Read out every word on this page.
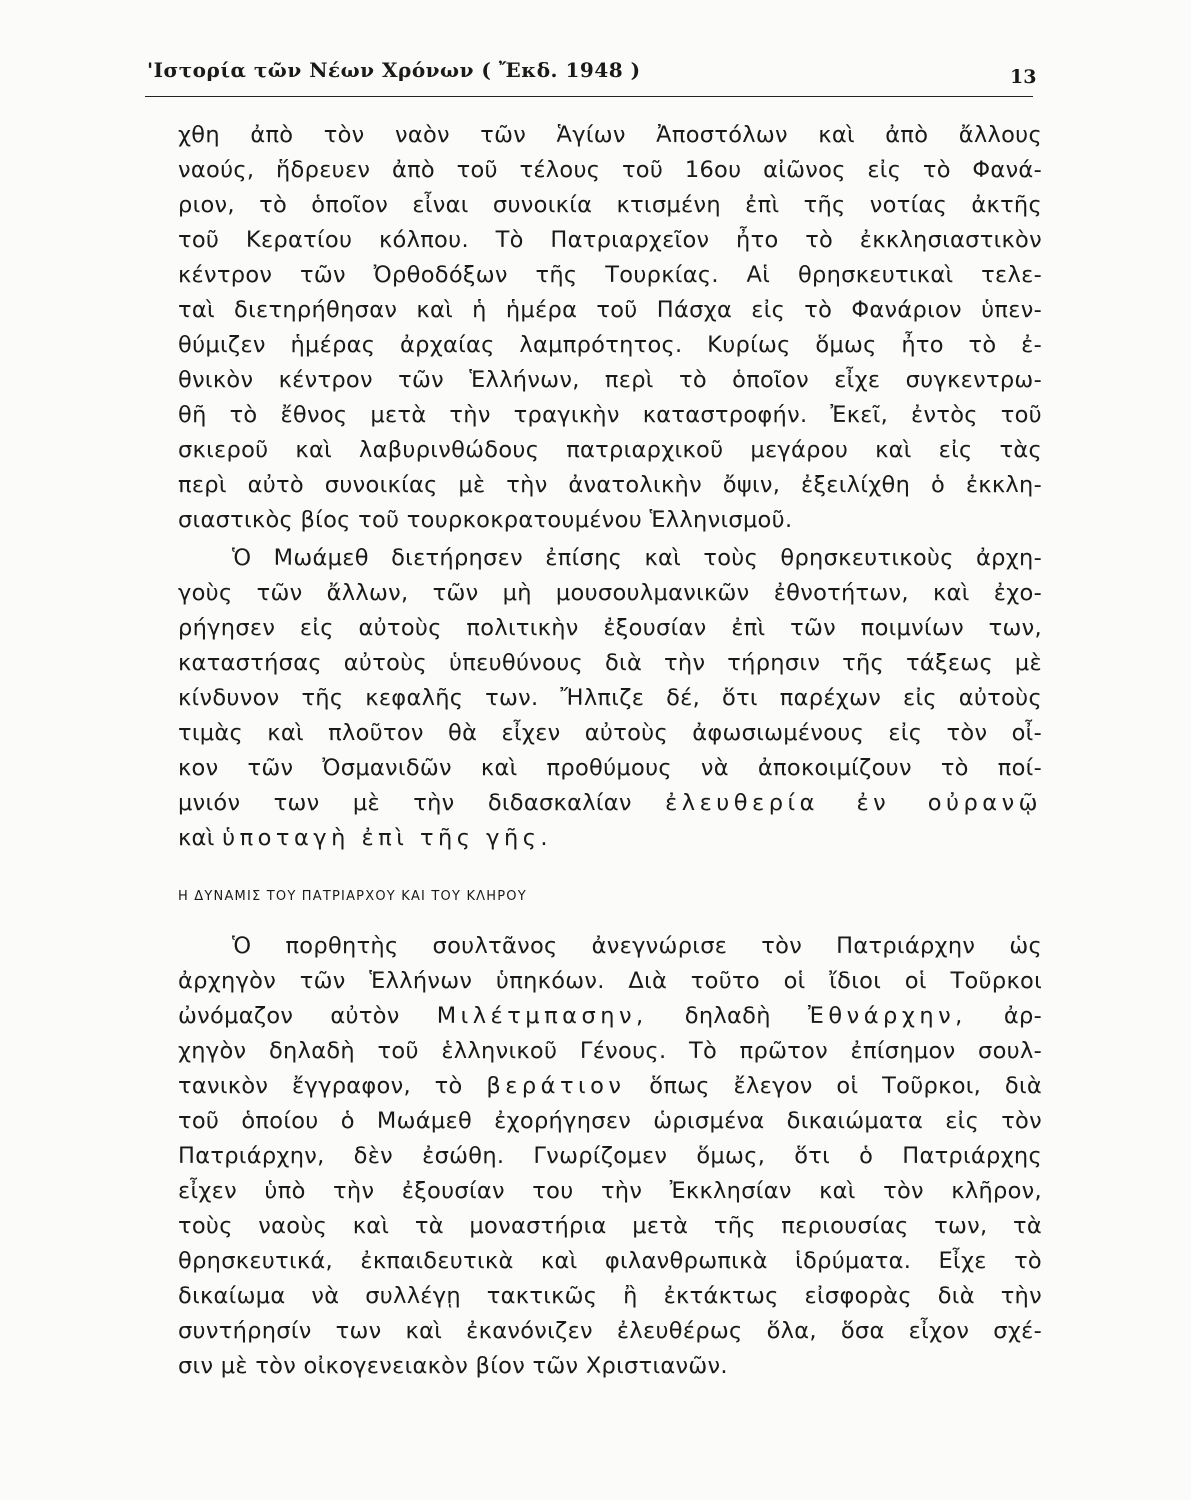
'Ιστορία τῶν Νέων Χρόνων ( Ἔκδ. 1948 )	13
χθη ἀπὸ τὸν ναὸν τῶν Ἁγίων Ἀποστόλων καὶ ἀπὸ ἄλλους
ναούς, ἥδρευεν ἀπὸ τοῦ τέλους τοῦ 16ου αἰῶνος εἰς τὸ Φανά-
ριον, τὸ ὁποῖον εἶναι συνοικία κτισμένη ἐπὶ τῆς νοτίας ἀκτῆς
τοῦ Κερατίου κόλπου. Τὸ Πατριαρχεῖον ἦτο τὸ ἐκκλησιαστικὸν
κέντρον τῶν Ὀρθοδόξων τῆς Τουρκίας. Αἱ θρησκευτικαὶ τελε-
ταὶ διετηρήθησαν καὶ ἡ ἡμέρα τοῦ Πάσχα εἰς τὸ Φανάριον ὑπεν-
θύμιζεν ἡμέρας ἀρχαίας λαμπρότητος. Κυρίως ὅμως ἦτο τὸ ἐ-
θνικὸν κέντρον τῶν Ἑλλήνων, περὶ τὸ ὁποῖον εἶχε συγκεντρω-
θῆ τὸ ἔθνος μετὰ τὴν τραγικὴν καταστροφήν. Ἐκεῖ, ἐντὸς τοῦ
σκιεροῦ καὶ λαβυρινθώδους πατριαρχικοῦ μεγάρου καὶ εἰς τὰς
περὶ αὐτὸ συνοικίας μὲ τὴν ἀνατολικὴν ὄψιν, ἐξειλίχθη ὁ ἐκκλη-
σιαστικὸς βίος τοῦ τουρκοκρατουμένου Ἑλληνισμοῦ.
Ὁ Μωάμεθ διετήρησεν ἐπίσης καὶ τοὺς θρησκευτικοὺς ἀρχη-
γοὺς τῶν ἄλλων, τῶν μὴ μουσουλμανικῶν ἐθνοτήτων, καὶ ἐχο-
ρήγησεν εἰς αὐτοὺς πολιτικὴν ἐξουσίαν ἐπὶ τῶν ποιμνίων των,
καταστήσας αὐτοὺς ὑπευθύνους διὰ τὴν τήρησιν τῆς τάξεως μὲ
κίνδυνον τῆς κεφαλῆς των. Ἤλπιζε δέ, ὅτι παρέχων εἰς αὐτοὺς
τιμὰς καὶ πλοῦτον θὰ εἶχεν αὐτοὺς ἀφωσιωμένους εἰς τὸν οἶ-
κον τῶν Ὀσμανιδῶν καὶ προθύμους νὰ ἀποκοιμίζουν τὸ ποί-
μνιόν των μὲ τὴν διδασκαλίαν ἐλευθερία ἐν οὐρανῷ
καὶ ὑποταγὴ ἐπὶ τῆς γῆς.
Η ΔΥΝΑΜΙΣ ΤΟΥ ΠΑΤΡΙΑΡΧΟΥ ΚΑΙ ΤΟΥ ΚΛΗΡΟΥ
Ὁ πορθητὴς σουλτᾶνος ἀνεγνώρισε τὸν Πατριάρχην ὡς
ἀρχηγὸν τῶν Ἑλλήνων ὑπηκόων. Διὰ τοῦτο οἱ ἴδιοι οἱ Τοῦρκοι
ὠνόμαζον αὐτὸν Μιλέτμπασην, δηλαδὴ Ἐθνάρχην, ἀρ-
χηγὸν δηλαδὴ τοῦ ἑλληνικοῦ Γένους. Τὸ πρῶτον ἐπίσημον σουλ-
τανικὸν ἔγγραφον, τὸ βεράτιον ὅπως ἔλεγον οἱ Τοῦρκοι, διὰ
τοῦ ὁποίου ὁ Μωάμεθ ἐχορήγησεν ὡρισμένα δικαιώματα εἰς τὸν
Πατριάρχην, δὲν ἐσώθη. Γνωρίζομεν ὅμως, ὅτι ὁ Πατριάρχης
εἶχεν ὑπὸ τὴν ἐξουσίαν του τὴν Ἐκκλησίαν καὶ τὸν κλῆρον,
τοὺς ναοὺς καὶ τὰ μοναστήρια μετὰ τῆς περιουσίας των, τὰ
θρησκευτικά, ἐκπαιδευτικὰ καὶ φιλανθρωπικὰ ἱδρύματα. Εἶχε τὸ
δικαίωμα νὰ συλλέγῃ τακτικῶς ἢ ἐκτάκτως εἰσφορὰς διὰ τὴν
συντήρησίν των καὶ ἐκανόνιζεν ἐλευθέρως ὅλα, ὅσα εἶχον σχέ-
σιν μὲ τὸν οἰκογενειακὸν βίον τῶν Χριστιανῶν.
